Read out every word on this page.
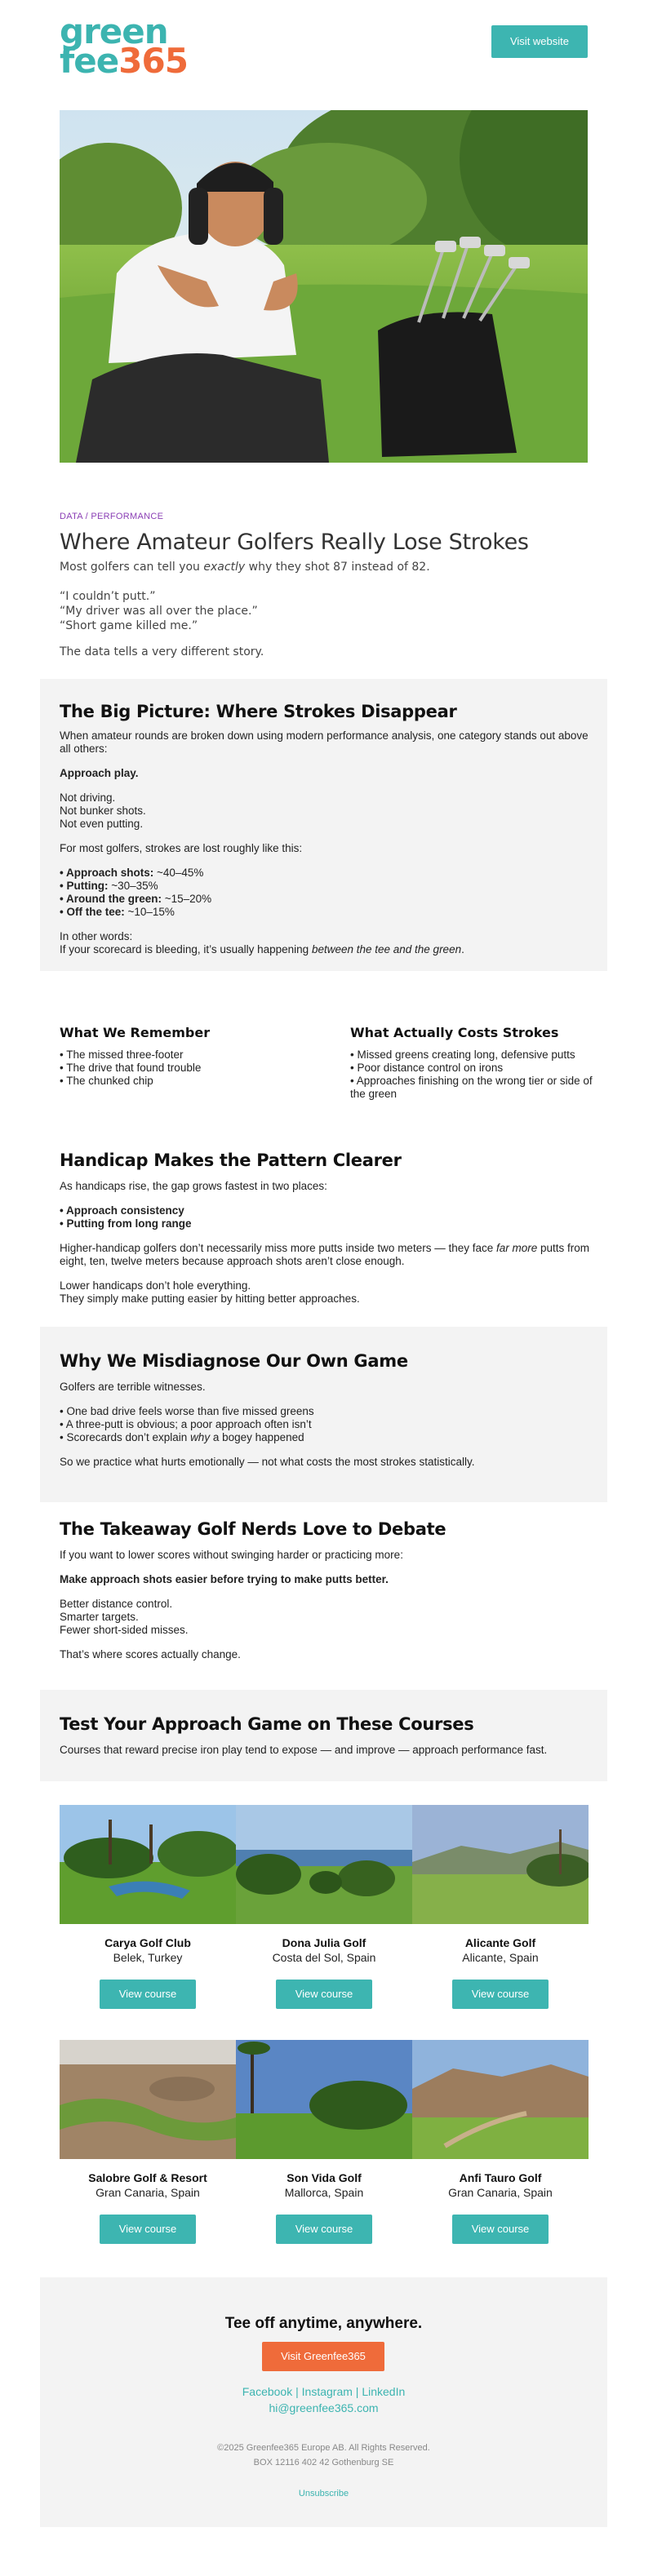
green
fee365	Visit website
DATA / PERFORMANCE
Where Amateur Golfers Really Lose Strokes

Most golfers can tell you exactly why they shot 87 instead of 82.

“I couldn’t putt.”

“My driver was all over the place.”

“Short game killed me.”

The data tells a very different story.

The Big Picture: Where Strokes Disappear

When amateur rounds are broken down using modern performance analysis, one category stands out above all others:

Approach play.

Not driving.

Not bunker shots.

Not even putting.

For most golfers, strokes are lost roughly like this:

• Approach shots: ~40–45%

• Putting: ~30–35%

• Around the green: ~15–20%

• Off the tee: ~10–15%

In other words:

If your scorecard is bleeding, it’s usually happening between the tee and the green.

What We Remember

• The missed three-footer

• The drive that found trouble

• The chunked chip

What Actually Costs Strokes

• Missed greens creating long, defensive putts

• Poor distance control on irons

• Approaches finishing on the wrong tier or side of the green

Handicap Makes the Pattern Clearer

As handicaps rise, the gap grows fastest in two places:

• Approach consistency

• Putting from long range

Higher-handicap golfers don’t necessarily miss more putts inside two meters — they face far more putts from eight, ten, twelve meters because approach shots aren’t close enough.

Lower handicaps don’t hole everything.

They simply make putting easier by hitting better approaches.

Why We Misdiagnose Our Own Game

Golfers are terrible witnesses.

• One bad drive feels worse than five missed greens

• A three-putt is obvious; a poor approach often isn’t

• Scorecards don’t explain why a bogey happened

So we practice what hurts emotionally — not what costs the most strokes statistically.

The Takeaway Golf Nerds Love to Debate

If you want to lower scores without swinging harder or practicing more:

Make approach shots easier before trying to make putts better.

Better distance control.

Smarter targets.

Fewer short-sided misses.

That’s where scores actually change.

Test Your Approach Game on These Courses

Courses that reward precise iron play tend to expose — and improve — approach performance fast.

Carya Golf Club
Belek, Turkey
Dona Julia Golf
Costa del Sol, Spain
Alicante Golf
Alicante, Spain
View course	View course	View course
Salobre Golf & Resort
Gran Canaria, Spain
Son Vida Golf
Mallorca, Spain
Anfi Tauro Golf
Gran Canaria, Spain
View course	View course	View course
Tee off anytime, anywhere.
Visit Greenfee365
Facebook | Instagram | LinkedIn
hi@greenfee365.com
©2025 Greenfee365 Europe AB. All Rights Reserved.
BOX 12116 402 42 Gothenburg SE
Unsubscribe
